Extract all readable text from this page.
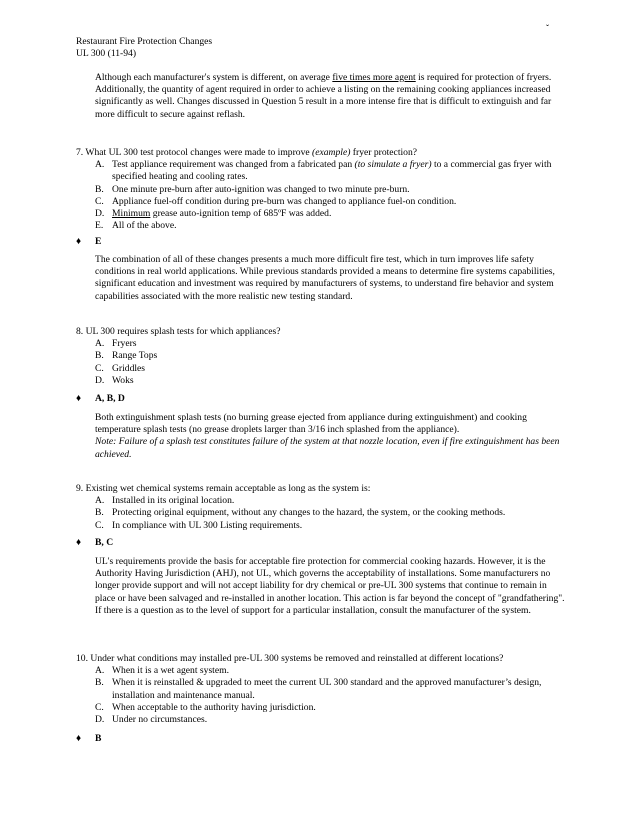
ˇ
Restaurant Fire Protection Changes
UL 300 (11-94)
Although each manufacturer's system is different, on average five times more agent is required for protection of fryers. Additionally, the quantity of agent required in order to achieve a listing on the remaining cooking appliances increased significantly as well. Changes discussed in Question 5 result in a more intense fire that is difficult to extinguish and far more difficult to secure against reflash.
7. What UL 300 test protocol changes were made to improve (example) fryer protection?
A. Test appliance requirement was changed from a fabricated pan (to simulate a fryer) to a commercial gas fryer with specified heating and cooling rates.
B. One minute pre-burn after auto-ignition was changed to two minute pre-burn.
C. Appliance fuel-off condition during pre-burn was changed to appliance fuel-on condition.
D. Minimum grease auto-ignition temp of 685ºF was added.
E. All of the above.
♦	E
The combination of all of these changes presents a much more difficult fire test, which in turn improves life safety conditions in real world applications. While previous standards provided a means to determine fire systems capabilities, significant education and investment was required by manufacturers of systems, to understand fire behavior and system capabilities associated with the more realistic new testing standard.
8. UL 300 requires splash tests for which appliances?
A. Fryers
B. Range Tops
C. Griddles
D. Woks
♦	A, B, D
Both extinguishment splash tests (no burning grease ejected from appliance during extinguishment) and cooking temperature splash tests (no grease droplets larger than 3/16 inch splashed from the appliance).
Note: Failure of a splash test constitutes failure of the system at that nozzle location, even if fire extinguishment has been achieved.
9. Existing wet chemical systems remain acceptable as long as the system is:
A. Installed in its original location.
B. Protecting original equipment, without any changes to the hazard, the system, or the cooking methods.
C. In compliance with UL 300 Listing requirements.
♦	B, C
UL's requirements provide the basis for acceptable fire protection for commercial cooking hazards. However, it is the Authority Having Jurisdiction (AHJ), not UL, which governs the acceptability of installations. Some manufacturers no longer provide support and will not accept liability for dry chemical or pre-UL 300 systems that continue to remain in place or have been salvaged and re-installed in another location. This action is far beyond the concept of "grandfathering". If there is a question as to the level of support for a particular installation, consult the manufacturer of the system.
10. Under what conditions may installed pre-UL 300 systems be removed and reinstalled at different locations?
A. When it is a wet agent system.
B. When it is reinstalled & upgraded to meet the current UL 300 standard and the approved manufacturer’s design, installation and maintenance manual.
C. When acceptable to the authority having jurisdiction.
D. Under no circumstances.
♦	B
